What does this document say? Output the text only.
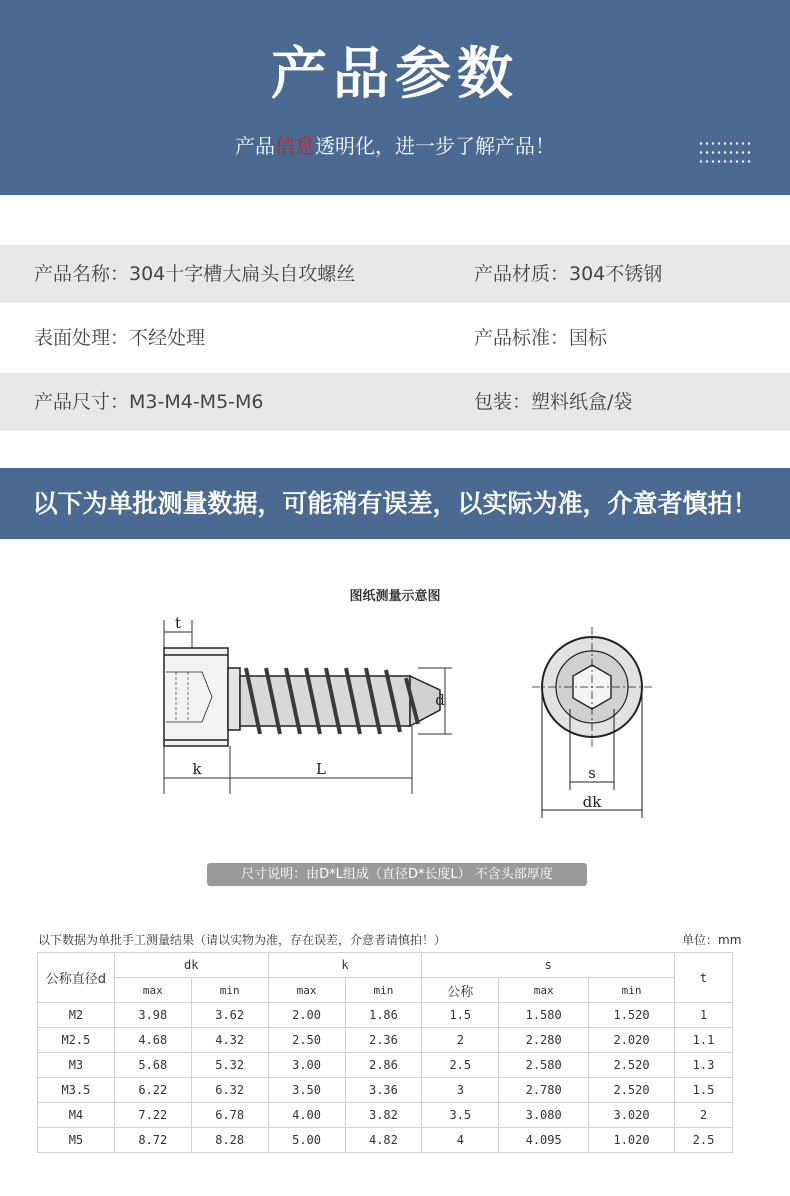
产品参数
产品信息透明化，进一步了解产品！
产品名称：304十字槽大扁头自攻螺丝	产品材质：304不锈钢
表面处理：不经处理	产品标准：国标
产品尺寸：M3-M4-M5-M6	包装：塑料纸盒/袋
以下为单批测量数据，可能稍有误差，以实际为准，介意者慎拍！
图纸测量示意图
t
k	L
d
s
dk
尺寸说明：由D*L组成（直径D*长度L） 不含头部厚度
以下数据为单批手工测量结果（请以实物为准，存在误差，介意者请慎拍！）	单位：mm
公称直径d	dk		k		s			t
	max	min	max	min	公称	max	min	
M2	3.98	3.62	2.00	1.86	1.5	1.580	1.520	1
M2.5	4.68	4.32	2.50	2.36	2	2.280	2.020	1.1
M3	5.68	5.32	3.00	2.86	2.5	2.580	2.520	1.3
M3.5	6.22	6.32	3.50	3.36	3	2.780	2.520	1.5
M4	7.22	6.78	4.00	3.82	3.5	3.080	3.020	2
M5	8.72	8.28	5.00	4.82	4	4.095	1.020	2.5
